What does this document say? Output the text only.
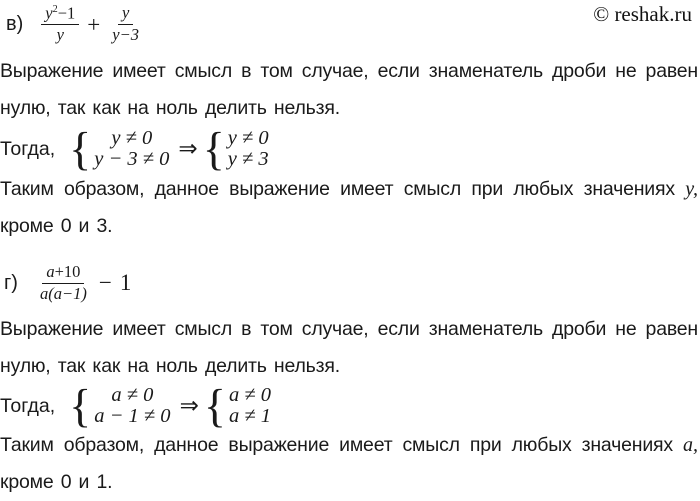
© reshak.ru
$в) \frac{y^2-1}{y} + \frac{y}{y-3}$

Выражение имеет смысл в том случае, если знаменатель дроби не равен

нулю, так как на ноль делить нельзя.

Тогда, { y ≠ 0
y − 3 ≠ 0 ⇒ { y ≠ 0
y ≠ 3

Таким образом, данное выражение имеет смысл при любых значениях y,

кроме 0 и 3.

$г) \frac{a+10}{a(a-1)} - 1$

Выражение имеет смысл в том случае, если знаменатель дроби не равен

нулю, так как на ноль делить нельзя.

Тогда, { a ≠ 0
a − 1 ≠ 0 ⇒ { a ≠ 0
a ≠ 1

Таким образом, данное выражение имеет смысл при любых значениях a,

кроме 0 и 1.
